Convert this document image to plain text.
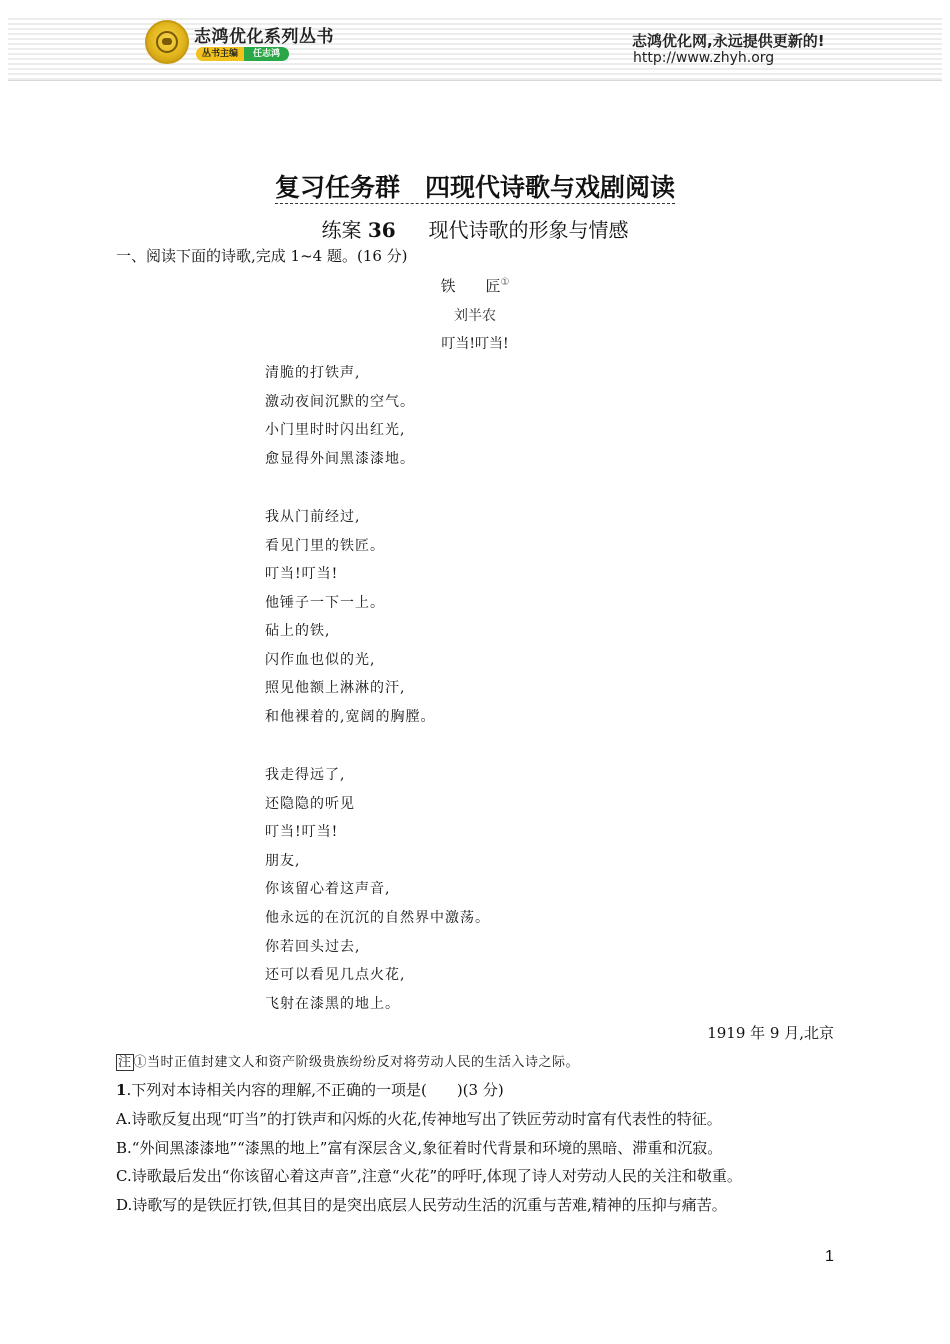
志鸿优化系列丛书
丛书主编	任志鸿
志鸿优化网,永远提供更新的!
http://www.zhyh.org
复习任务群　四现代诗歌与戏剧阅读
练案 36 　 现代诗歌的形象与情感
一、阅读下面的诗歌,完成 1~4 题。(16 分)
铁　　匠①
刘半农
叮当!叮当!
清脆的打铁声,
激动夜间沉默的空气。
小门里时时闪出红光,
愈显得外间黑漆漆地。
我从门前经过,
看见门里的铁匠。
叮当!叮当!
他锤子一下一上。
砧上的铁,
闪作血也似的光,
照见他额上淋淋的汗,
和他裸着的,宽阔的胸膛。
我走得远了,
还隐隐的听见
叮当!叮当!
朋友,
你该留心着这声音,
他永远的在沉沉的自然界中激荡。
你若回头过去,
还可以看见几点火花,
飞射在漆黑的地上。
1919 年 9 月,北京
注 ①当时正值封建文人和资产阶级贵族纷纷反对将劳动人民的生活入诗之际。
1.下列对本诗相关内容的理解,不正确的一项是(　　)(3 分)
A.诗歌反复出现“叮当”的打铁声和闪烁的火花,传神地写出了铁匠劳动时富有代表性的特征。
B.“外间黑漆漆地”“漆黑的地上”富有深层含义,象征着时代背景和环境的黑暗、滞重和沉寂。
C.诗歌最后发出“你该留心着这声音”,注意“火花”的呼吁,体现了诗人对劳动人民的关注和敬重。
D.诗歌写的是铁匠打铁,但其目的是突出底层人民劳动生活的沉重与苦难,精神的压抑与痛苦。
1
